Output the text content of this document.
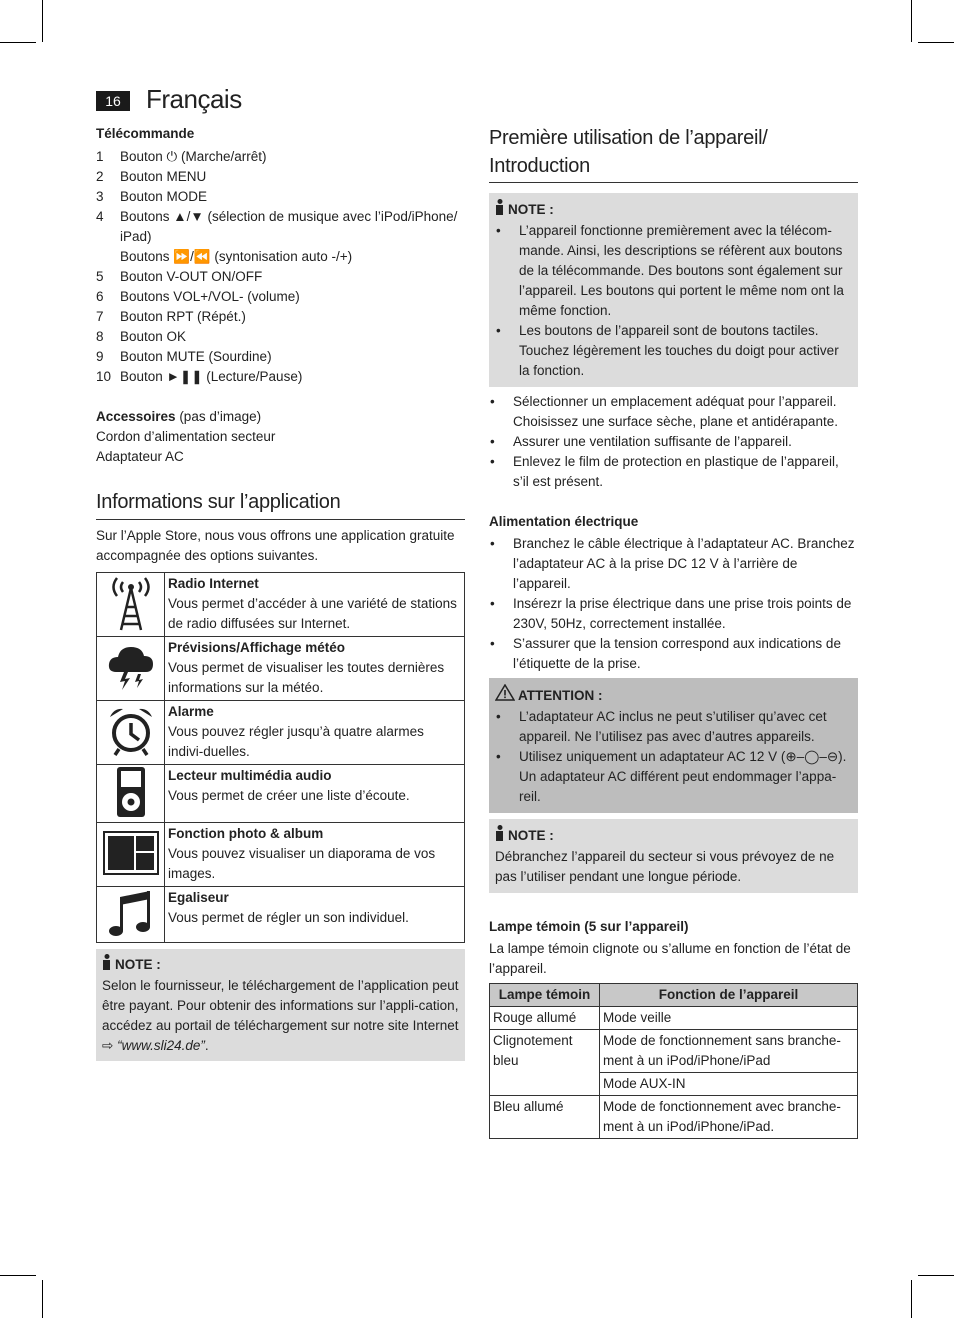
16 Français
Télécommande
1	Bouton ⏻ (Marche/arrêt)
2	Bouton MENU
3	Bouton MODE
4	Boutons ▲/▼ (sélection de musique avec l’iPod/iPhone/ iPad)
Boutons ⏩/⏪ (syntonisation auto -/+)
5	Bouton V-OUT ON/OFF
6	Boutons VOL+/VOL- (volume)
7	Bouton RPT (Répét.)
8	Bouton OK
9	Bouton MUTE (Sourdine)
10 Bouton ►❚❚ (Lecture/Pause)

Accessoires (pas d’image)

Cordon d’alimentation secteur

Adaptateur AC

Informations sur l’application

Sur l’Apple Store, nous vous offrons une application gratuite accompagnée des options suivantes.

Radio Internet
Vous permet d’accéder à une variété de stations de radio diffusées sur Internet.

Prévisions/Affichage météo
Vous permet de visualiser les toutes dernières informations sur la météo.

Alarme
Vous pouvez régler jusqu’à quatre alarmes indivi-duelles.

Lecteur multimédia audio
Vous permet de créer une liste d’écoute.

Fonction photo & album
Vous pouvez visualiser un diaporama de vos images.

Egaliseur
Vous permet de régler un son individuel.
NOTE :

Selon le fournisseur, le téléchargement de l’application peut être payant. Pour obtenir des informations sur l’appli-cation, accédez au portail de téléchargement sur notre site Internet ⇨ “www.sli24.de”.

Première utilisation de l’appareil/ Introduction
NOTE :
•	L’appareil fonctionne premièrement avec la télécom-mande. Ainsi, les descriptions se réfèrent aux boutons de la télécommande. Des boutons sont également sur l’appareil. Les boutons qui portent le même nom ont la même fonction.
•	Les boutons de l’appareil sont de boutons tactiles. Touchez légèrement les touches du doigt pour activer la fonction.
•	Sélectionner un emplacement adéquat pour l’appareil. Choisissez une surface sèche, plane et antidérapante.
•	Assurer une ventilation suffisante de l’appareil.
•	Enlevez le film de protection en plastique de l’appareil, s’il est présent.
Alimentation électrique
•	Branchez le câble électrique à l’adaptateur AC. Branchez l’adaptateur AC à la prise DC 12 V à l’arrière de l’appareil.
•	Insérezr la prise électrique dans une prise trois points de 230V, 50Hz, correctement installée.
•	S’assurer que la tension correspond aux indications de l’étiquette de la prise.
ATTENTION :
•	L’adaptateur AC inclus ne peut s’utiliser qu’avec cet appareil. Ne l’utilisez pas avec d’autres appareils.
•	Utilisez uniquement un adaptateur AC 12 V (⊕–◯–⊖). Un adaptateur AC différent peut endommager l’appa-reil.
NOTE :

Débranchez l’appareil du secteur si vous prévoyez de ne pas l’utiliser pendant une longue période.

Lampe témoin (5 sur l’appareil)

La lampe témoin clignote ou s’allume en fonction de l’état de l’appareil.

Lampe témoin	Fonction de l’appareil
Rouge allumé	Mode veille
Clignotement bleu	Mode de fonctionnement sans branche-ment à un iPod/iPhone/iPad
	Mode AUX-IN
Bleu allumé	Mode de fonctionnement avec branche-ment à un iPod/iPhone/iPad.
